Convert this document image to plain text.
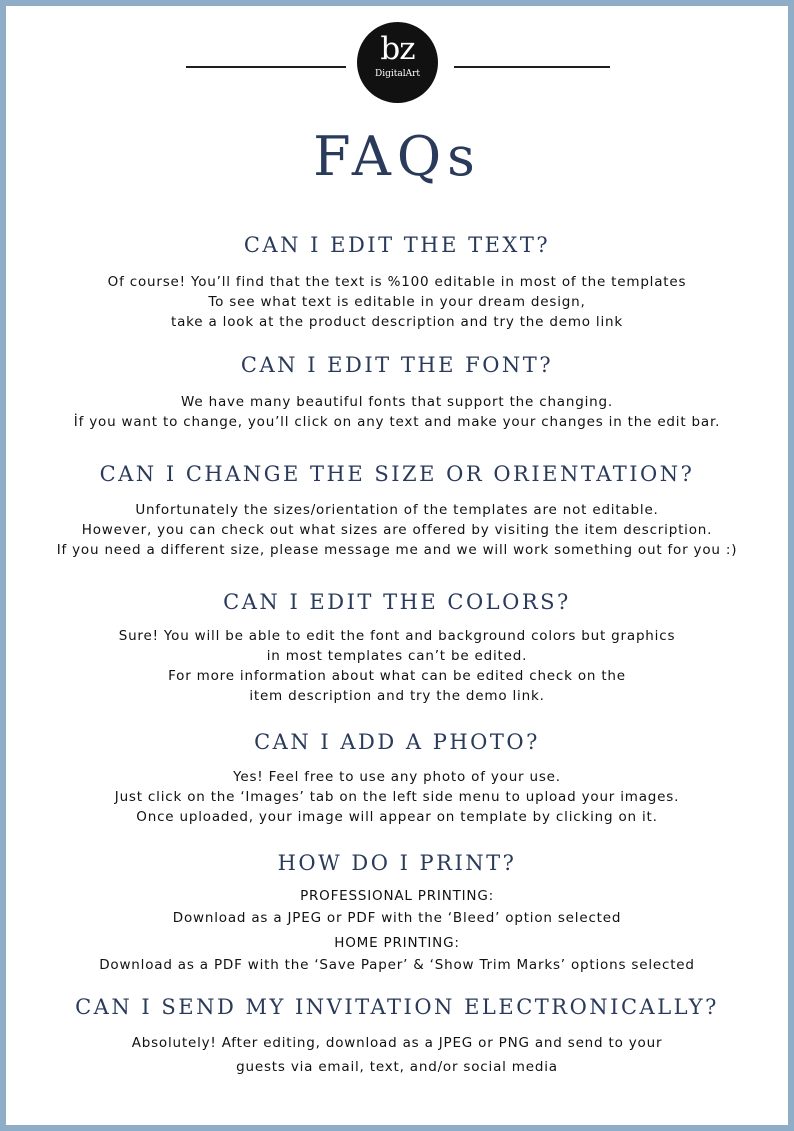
bz
DigitalArt
FAQs
CAN I EDIT THE TEXT?
Of course! You’ll find that the text is %100 editable in most of the templates
To see what text is editable in your dream design,
take a look at the product description and try the demo link
CAN I EDIT THE FONT?
We have many beautiful fonts that support the changing.
İf you want to change, you’ll click on any text and make your changes in the edit bar.
CAN I CHANGE THE SIZE OR ORIENTATION?
Unfortunately the sizes/orientation of the templates are not editable.
However, you can check out what sizes are offered by visiting the item description.
If you need a different size, please message me and we will work something out for you :)
CAN I EDIT THE COLORS?
Sure! You will be able to edit the font and background colors but graphics
in most templates can’t be edited.
For more information about what can be edited check on the
item description and try the demo link.
CAN I ADD A PHOTO?
Yes! Feel free to use any photo of your use.
Just click on the ‘Images’ tab on the left side menu to upload your images.
Once uploaded, your image will appear on template by clicking on it.
HOW DO I PRINT?
PROFESSIONAL PRINTING:
Download as a JPEG or PDF with the ‘Bleed’ option selected
HOME PRINTING:
Download as a PDF with the ‘Save Paper’ & ‘Show Trim Marks’ options selected
CAN I SEND MY INVITATION ELECTRONICALLY?
Absolutely! After editing, download as a JPEG or PNG and send to your
guests via email, text, and/or social media
